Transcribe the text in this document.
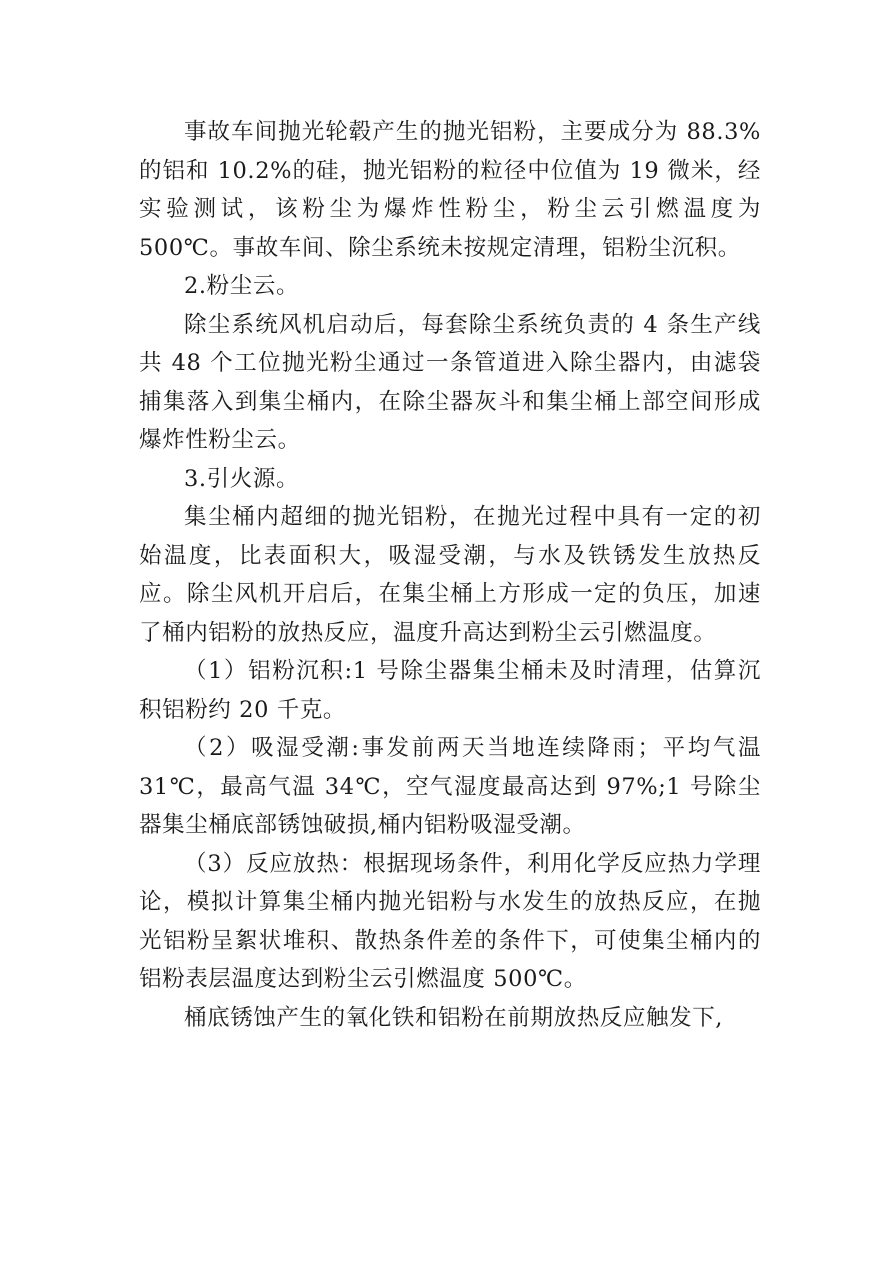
事故车间抛光轮毂产生的抛光铝粉，主要成分为 88.3%的铝和 10.2%的硅，抛光铝粉的粒径中位值为 19 微米，经实验测试，该粉尘为爆炸性粉尘，粉尘云引燃温度为 500℃。事故车间、除尘系统未按规定清理，铝粉尘沉积。

2.粉尘云。

除尘系统风机启动后，每套除尘系统负责的 4 条生产线共 48 个工位抛光粉尘通过一条管道进入除尘器内，由滤袋捕集落入到集尘桶内，在除尘器灰斗和集尘桶上部空间形成爆炸性粉尘云。

3.引火源。

集尘桶内超细的抛光铝粉，在抛光过程中具有一定的初始温度，比表面积大，吸湿受潮，与水及铁锈发生放热反应。除尘风机开启后，在集尘桶上方形成一定的负压，加速了桶内铝粉的放热反应，温度升高达到粉尘云引燃温度。

（1）铝粉沉积:1 号除尘器集尘桶未及时清理，估算沉积铝粉约 20 千克。

（2）吸湿受潮:事发前两天当地连续降雨；平均气温31℃，最高气温 34℃，空气湿度最高达到 97%;1 号除尘器集尘桶底部锈蚀破损,桶内铝粉吸湿受潮。

（3）反应放热：根据现场条件，利用化学反应热力学理论，模拟计算集尘桶内抛光铝粉与水发生的放热反应，在抛光铝粉呈絮状堆积、散热条件差的条件下，可使集尘桶内的铝粉表层温度达到粉尘云引燃温度 500℃。

桶底锈蚀产生的氧化铁和铝粉在前期放热反应触发下,
